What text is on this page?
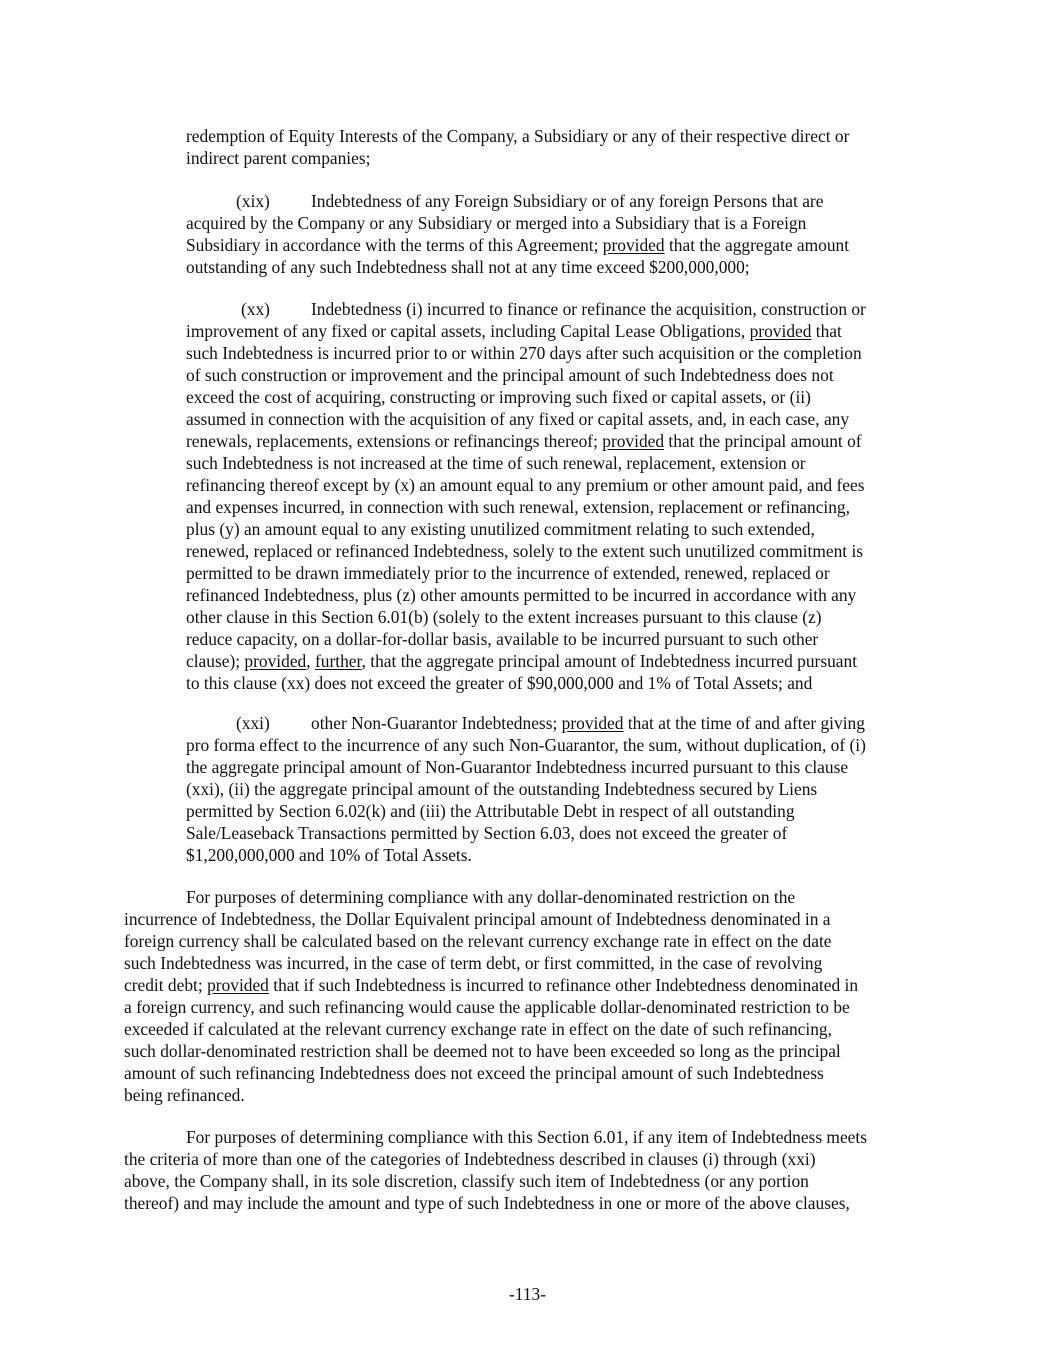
redemption of Equity Interests of the Company, a Subsidiary or any of their respective direct or
indirect parent companies;
(xix) Indebtedness of any Foreign Subsidiary or of any foreign Persons that are
acquired by the Company or any Subsidiary or merged into a Subsidiary that is a Foreign
Subsidiary in accordance with the terms of this Agreement; provided that the aggregate amount
outstanding of any such Indebtedness shall not at any time exceed $200,000,000;
(xx) Indebtedness (i) incurred to finance or refinance the acquisition, construction or
improvement of any fixed or capital assets, including Capital Lease Obligations, provided that
such Indebtedness is incurred prior to or within 270 days after such acquisition or the completion
of such construction or improvement and the principal amount of such Indebtedness does not
exceed the cost of acquiring, constructing or improving such fixed or capital assets, or (ii)
assumed in connection with the acquisition of any fixed or capital assets, and, in each case, any
renewals, replacements, extensions or refinancings thereof; provided that the principal amount of
such Indebtedness is not increased at the time of such renewal, replacement, extension or
refinancing thereof except by (x) an amount equal to any premium or other amount paid, and fees
and expenses incurred, in connection with such renewal, extension, replacement or refinancing,
plus (y) an amount equal to any existing unutilized commitment relating to such extended,
renewed, replaced or refinanced Indebtedness, solely to the extent such unutilized commitment is
permitted to be drawn immediately prior to the incurrence of extended, renewed, replaced or
refinanced Indebtedness, plus (z) other amounts permitted to be incurred in accordance with any
other clause in this Section 6.01(b) (solely to the extent increases pursuant to this clause (z)
reduce capacity, on a dollar-for-dollar basis, available to be incurred pursuant to such other
clause); provided, further, that the aggregate principal amount of Indebtedness incurred pursuant
to this clause (xx) does not exceed the greater of $90,000,000 and 1% of Total Assets; and
(xxi) other Non-Guarantor Indebtedness; provided that at the time of and after giving
pro forma effect to the incurrence of any such Non-Guarantor, the sum, without duplication, of (i)
the aggregate principal amount of Non-Guarantor Indebtedness incurred pursuant to this clause
(xxi), (ii) the aggregate principal amount of the outstanding Indebtedness secured by Liens
permitted by Section 6.02(k) and (iii) the Attributable Debt in respect of all outstanding
Sale/Leaseback Transactions permitted by Section 6.03, does not exceed the greater of
$1,200,000,000 and 10% of Total Assets.
For purposes of determining compliance with any dollar-denominated restriction on the
incurrence of Indebtedness, the Dollar Equivalent principal amount of Indebtedness denominated in a
foreign currency shall be calculated based on the relevant currency exchange rate in effect on the date
such Indebtedness was incurred, in the case of term debt, or first committed, in the case of revolving
credit debt; provided that if such Indebtedness is incurred to refinance other Indebtedness denominated in
a foreign currency, and such refinancing would cause the applicable dollar-denominated restriction to be
exceeded if calculated at the relevant currency exchange rate in effect on the date of such refinancing,
such dollar-denominated restriction shall be deemed not to have been exceeded so long as the principal
amount of such refinancing Indebtedness does not exceed the principal amount of such Indebtedness
being refinanced.
For purposes of determining compliance with this Section 6.01, if any item of Indebtedness meets
the criteria of more than one of the categories of Indebtedness described in clauses (i) through (xxi)
above, the Company shall, in its sole discretion, classify such item of Indebtedness (or any portion
thereof) and may include the amount and type of such Indebtedness in one or more of the above clauses,
-113-
